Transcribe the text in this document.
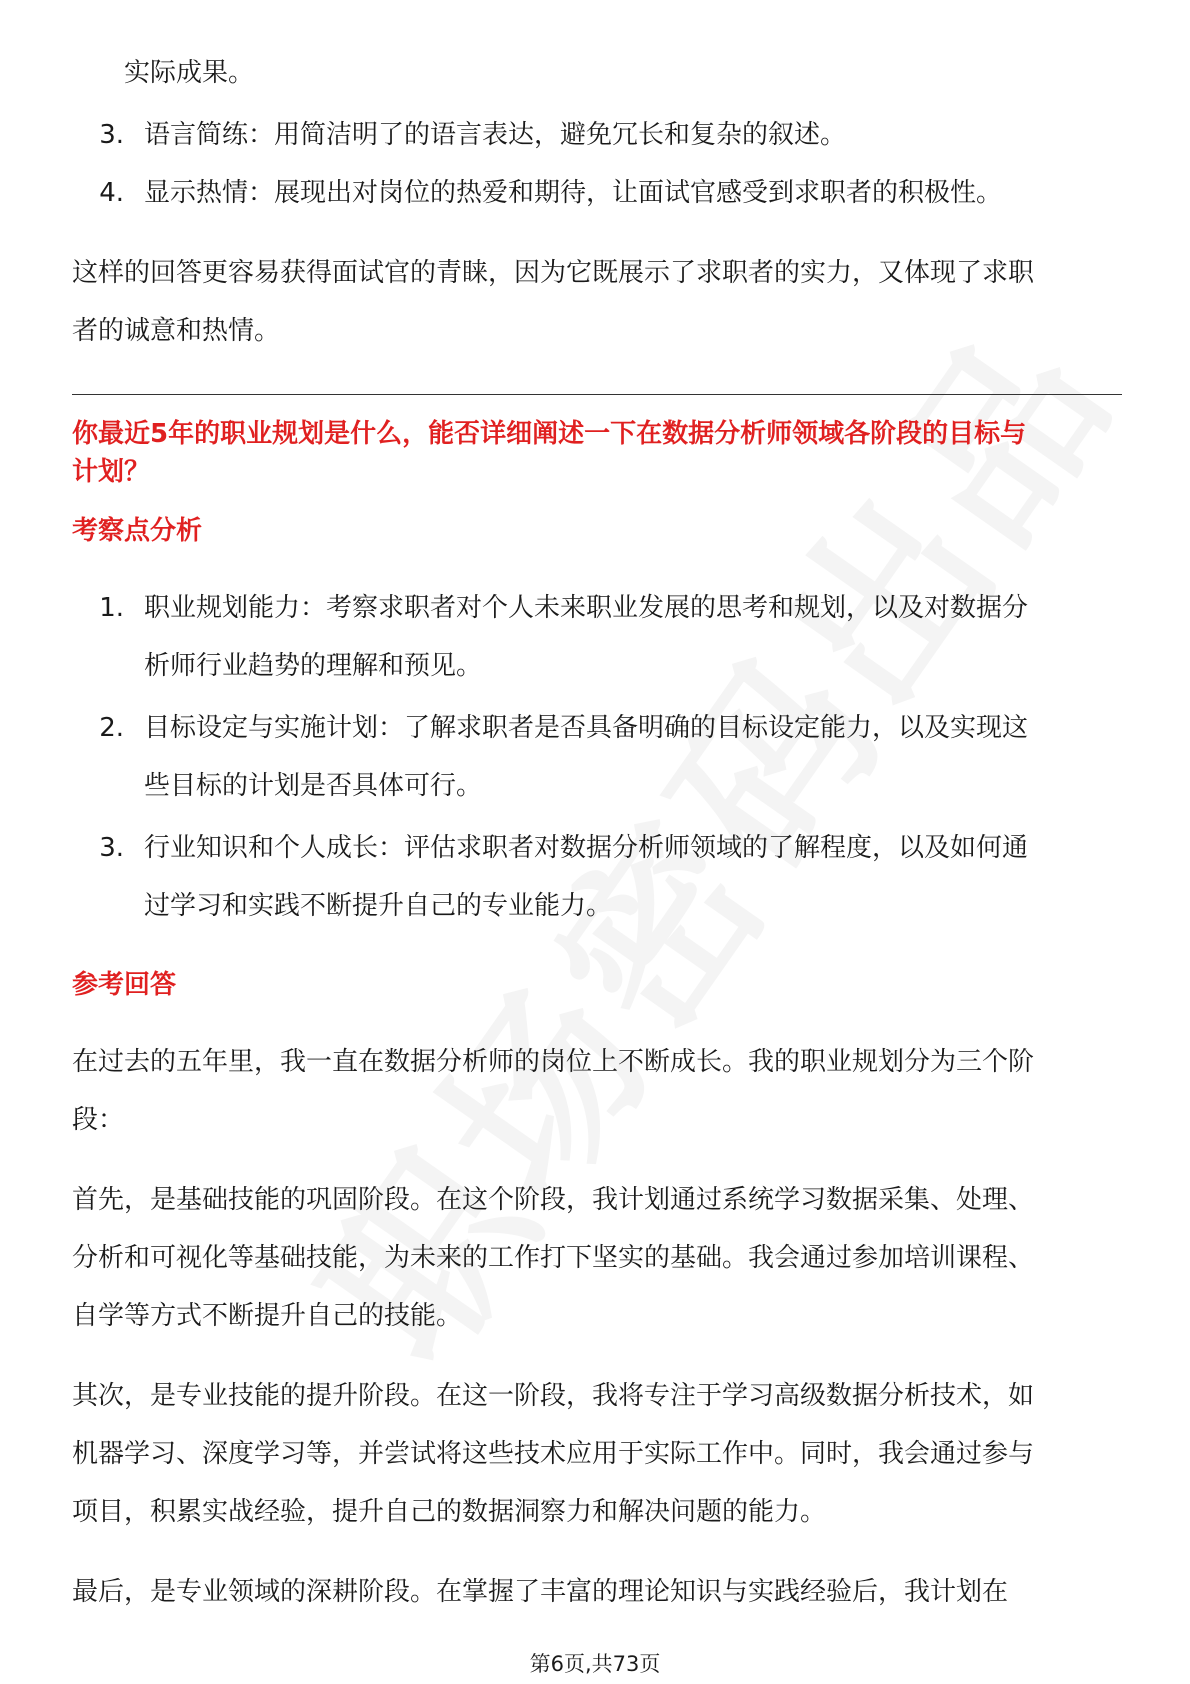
实际成果。
3. 语言简练：用简洁明了的语言表达，避免冗长和复杂的叙述。
4. 显示热情：展现出对岗位的热爱和期待，让面试官感受到求职者的积极性。

这样的回答更容易获得面试官的青睐，因为它既展示了求职者的实力，又体现了求职者的诚意和热情。

你最近5年的职业规划是什么，能否详细阐述一下在数据分析师领域各阶段的目标与计划？
考察点分析
1. 职业规划能力：考察求职者对个人未来职业发展的思考和规划，以及对数据分析师行业趋势的理解和预见。
2. 目标设定与实施计划：了解求职者是否具备明确的目标设定能力，以及实现这些目标的计划是否具体可行。
3. 行业知识和个人成长：评估求职者对数据分析师领域的了解程度，以及如何通过学习和实践不断提升自己的专业能力。
参考回答

在过去的五年里，我一直在数据分析师的岗位上不断成长。我的职业规划分为三个阶段：

首先，是基础技能的巩固阶段。在这个阶段，我计划通过系统学习数据采集、处理、分析和可视化等基础技能，为未来的工作打下坚实的基础。我会通过参加培训课程、自学等方式不断提升自己的技能。

其次，是专业技能的提升阶段。在这一阶段，我将专注于学习高级数据分析技术，如机器学习、深度学习等，并尝试将这些技术应用于实际工作中。同时，我会通过参与项目，积累实战经验，提升自己的数据洞察力和解决问题的能力。

最后，是专业领域的深耕阶段。在掌握了丰富的理论知识与实践经验后，我计划在

第6页,共73页
